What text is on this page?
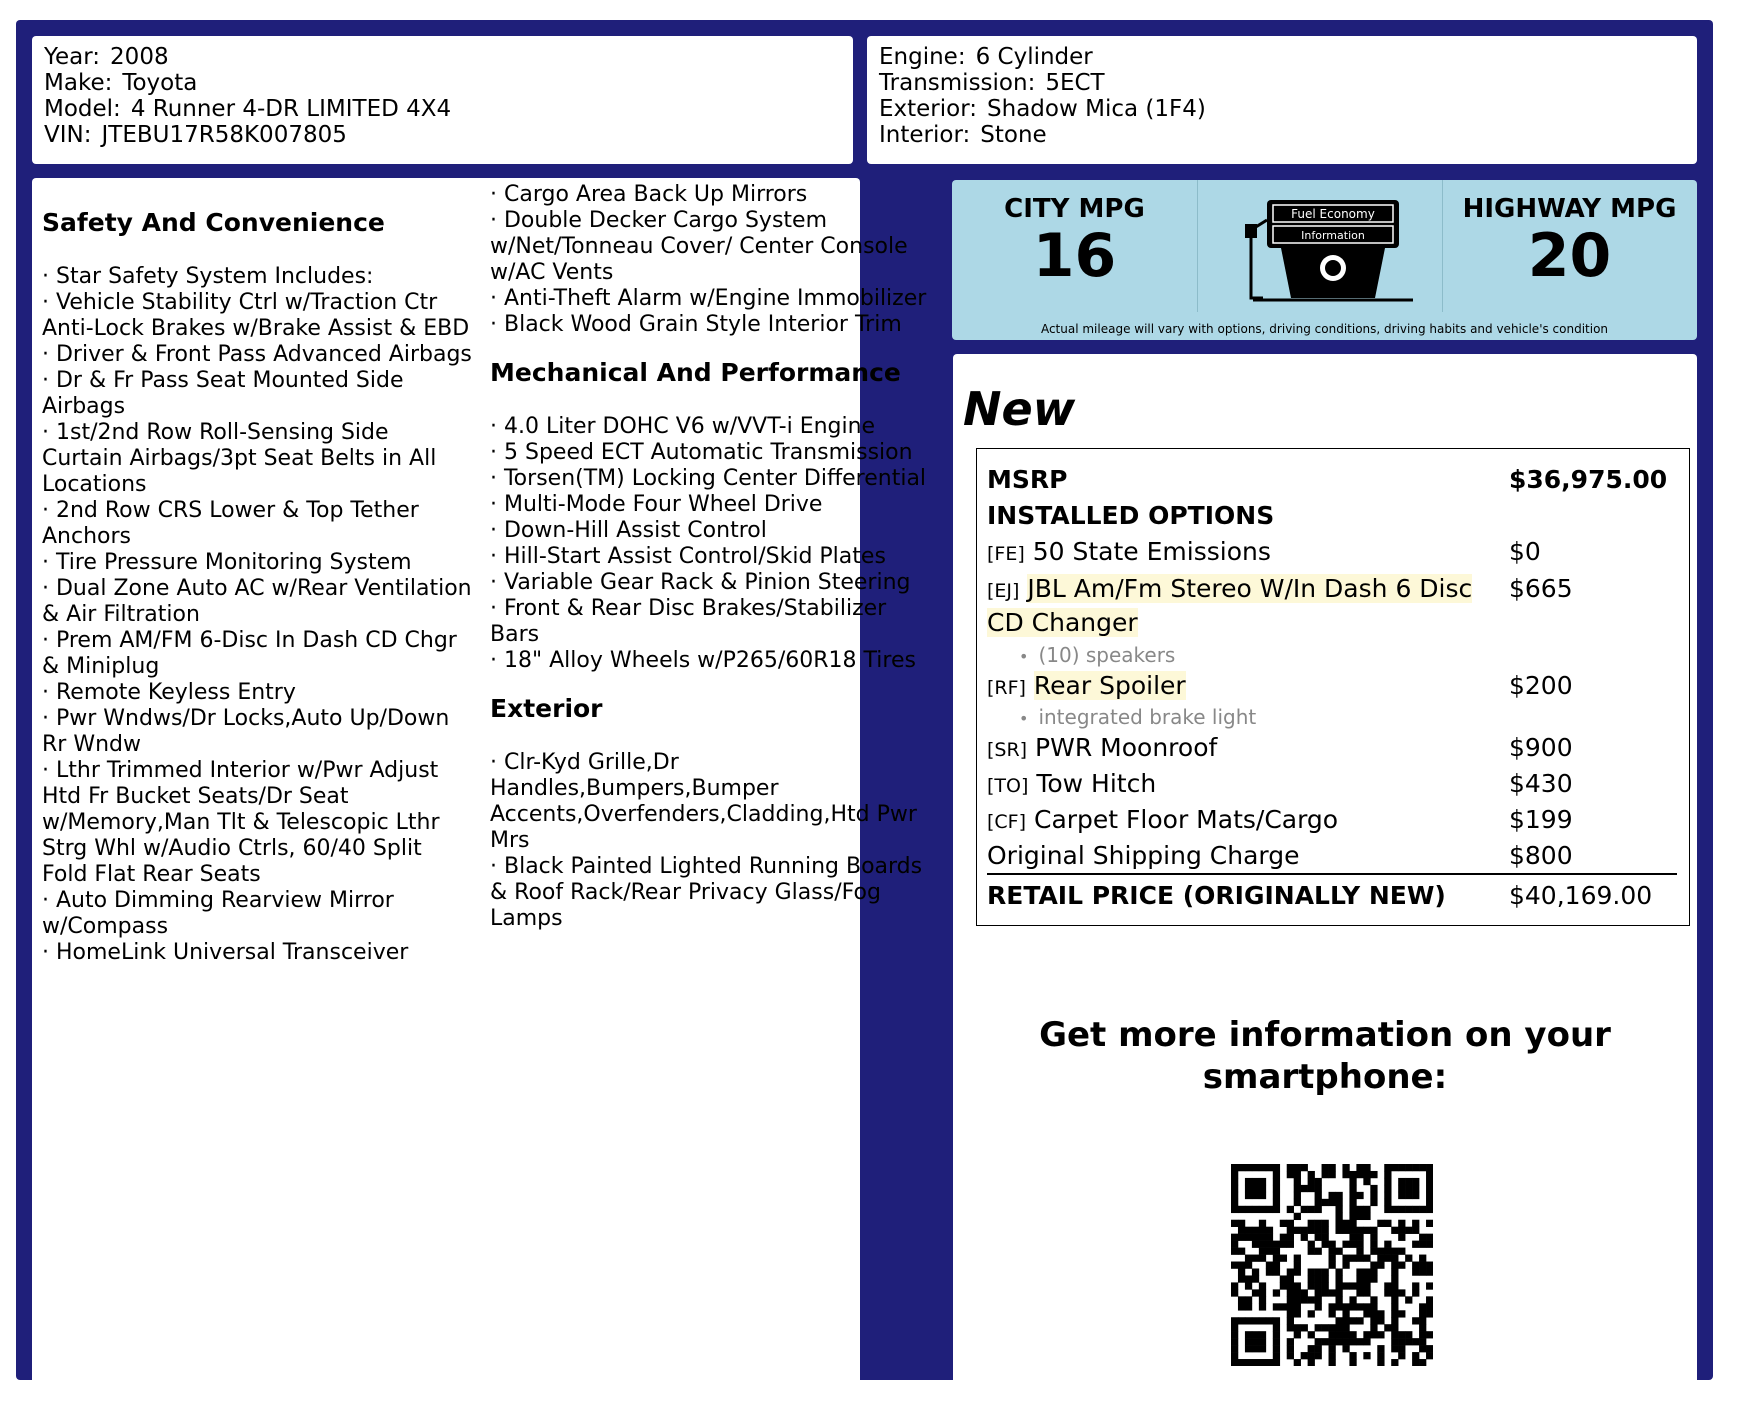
Year: 2008
Make: Toyota
Model: 4 Runner 4-DR LIMITED 4X4
VIN: JTEBU17R58K007805
Engine: 6 Cylinder
Transmission: 5ECT
Exterior: Shadow Mica (1F4)
Interior: Stone
Safety And Convenience

· Star Safety System Includes:

· Vehicle Stability Ctrl w/Traction Ctr Anti-Lock Brakes w/Brake Assist & EBD

· Driver & Front Pass Advanced Airbags

· Dr & Fr Pass Seat Mounted Side Airbags

· 1st/2nd Row Roll-Sensing Side Curtain Airbags/3pt Seat Belts in All Locations

· 2nd Row CRS Lower & Top Tether Anchors

· Tire Pressure Monitoring System

· Dual Zone Auto AC w/Rear Ventilation & Air Filtration

· Prem AM/FM 6-Disc In Dash CD Chgr & Miniplug

· Remote Keyless Entry

· Pwr Wndws/Dr Locks,Auto Up/Down Rr Wndw

· Lthr Trimmed Interior w/Pwr Adjust Htd Fr Bucket Seats/Dr Seat w/Memory,Man Tlt & Telescopic Lthr Strg Whl w/Audio Ctrls, 60/40 Split Fold Flat Rear Seats

· Auto Dimming Rearview Mirror w/Compass

· HomeLink Universal Transceiver

· Cargo Area Back Up Mirrors

· Double Decker Cargo System w/Net/Tonneau Cover/ Center Console w/AC Vents

· Anti-Theft Alarm w/Engine Immobilizer

· Black Wood Grain Style Interior Trim

Mechanical And Performance

· 4.0 Liter DOHC V6 w/VVT-i Engine

· 5 Speed ECT Automatic Transmission

· Torsen(TM) Locking Center Differential

· Multi-Mode Four Wheel Drive

· Down-Hill Assist Control

· Hill-Start Assist Control/Skid Plates

· Variable Gear Rack & Pinion Steering

· Front & Rear Disc Brakes/Stabilizer Bars

· 18" Alloy Wheels w/P265/60R18 Tires

Exterior

· Clr-Kyd Grille,Dr Handles,Bumpers,Bumper Accents,Overfenders,Cladding,Htd Pwr Mrs

· Black Painted Lighted Running Boards & Roof Rack/Rear Privacy Glass/Fog Lamps

CITY MPG
16
Fuel Economy
Information
HIGHWAY MPG
20
Actual mileage will vary with options, driving conditions, driving habits and vehicle's condition
New
MSRP	$36,975.00
INSTALLED OPTIONS
[FE] 50 State Emissions	$0
[EJ] JBL Am/Fm Stereo W/In Dash 6 Disc CD Changer
$665
• (10) speakers
[RF] Rear Spoiler	$200
• integrated brake light
[SR] PWR Moonroof	$900
[TO] Tow Hitch	$430
[CF] Carpet Floor Mats/Cargo	$199
Original Shipping Charge	$800
RETAIL PRICE (ORIGINALLY NEW)	$40,169.00
Get more information on your smartphone:
